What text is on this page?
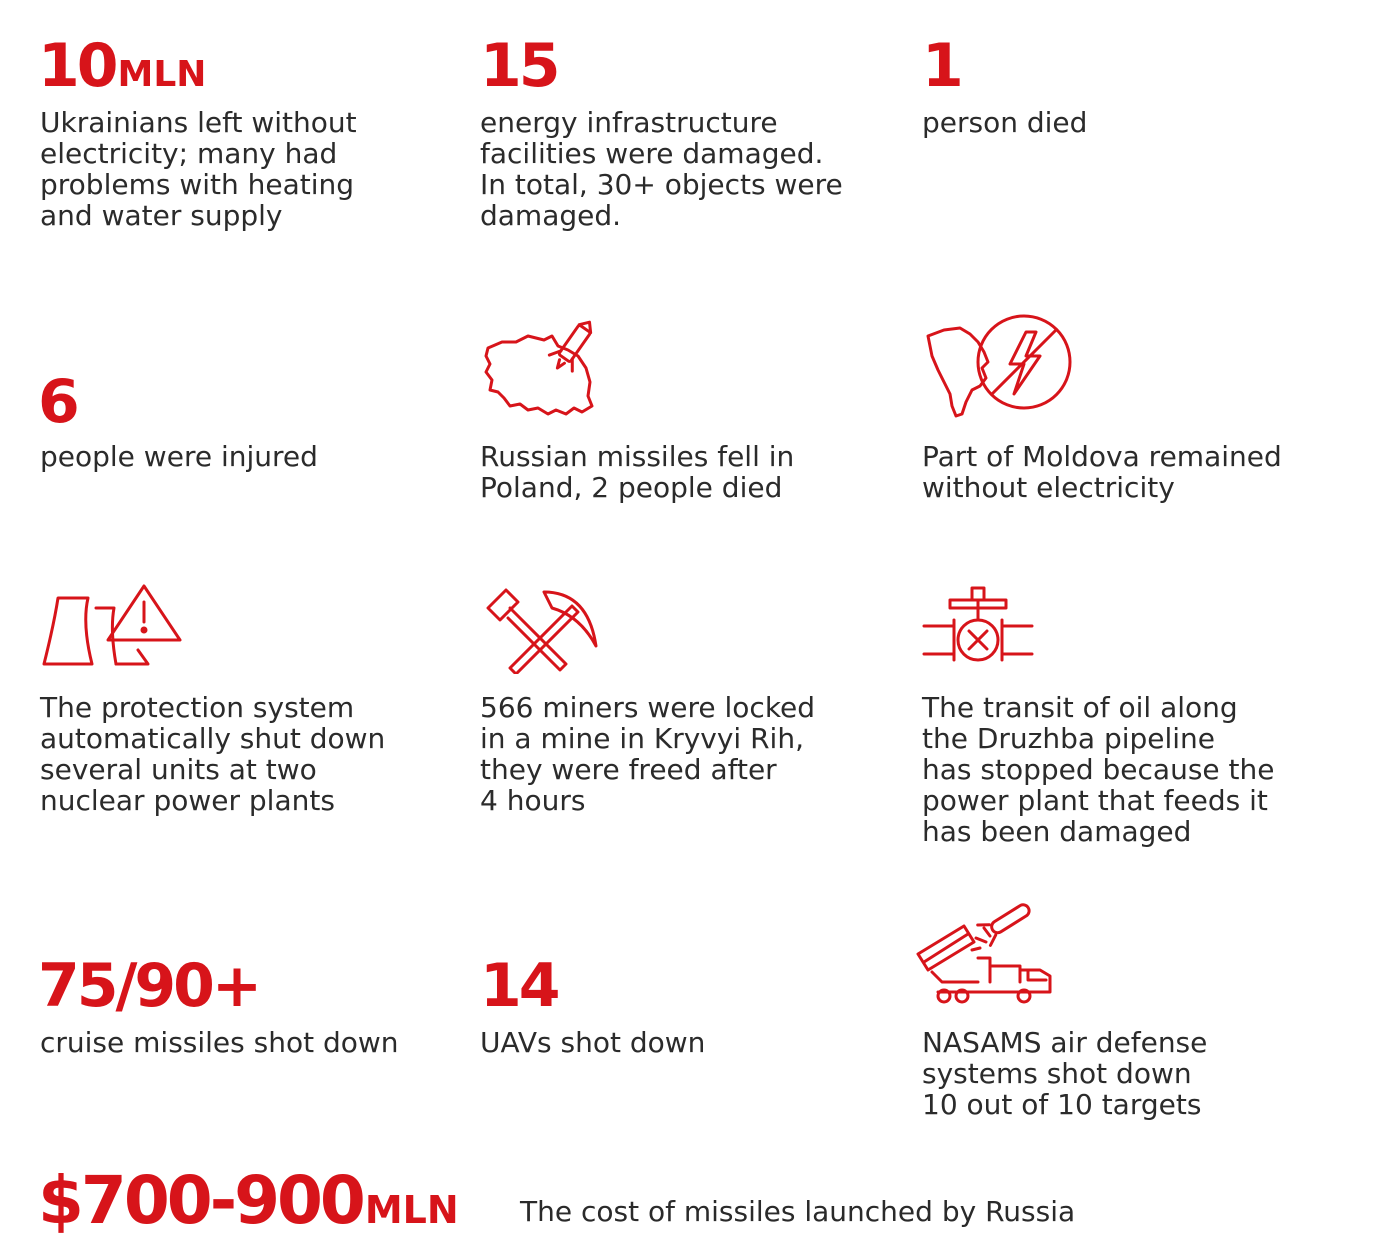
10MLN
Ukrainians left without
electricity; many had
problems with heating
and water supply
15
energy infrastructure
facilities were damaged.
In total, 30+ objects were
damaged.
1
person died
6
people were injured	Russian missiles fell in
Poland, 2 people died
Part of Moldova remained
without electricity
The protection system
automatically shut down
several units at two
nuclear power plants
566 miners were locked
in a mine in Kryvyi Rih,
they were freed after
4 hours
The transit of oil along
the Druzhba pipeline
has stopped because the
power plant that feeds it
has been damaged
75/90+
cruise missiles shot down
14
UAVs shot down	NASAMS air defense
systems shot down
10 out of 10 targets
$700-900MLN The cost of missiles launched by Russia
